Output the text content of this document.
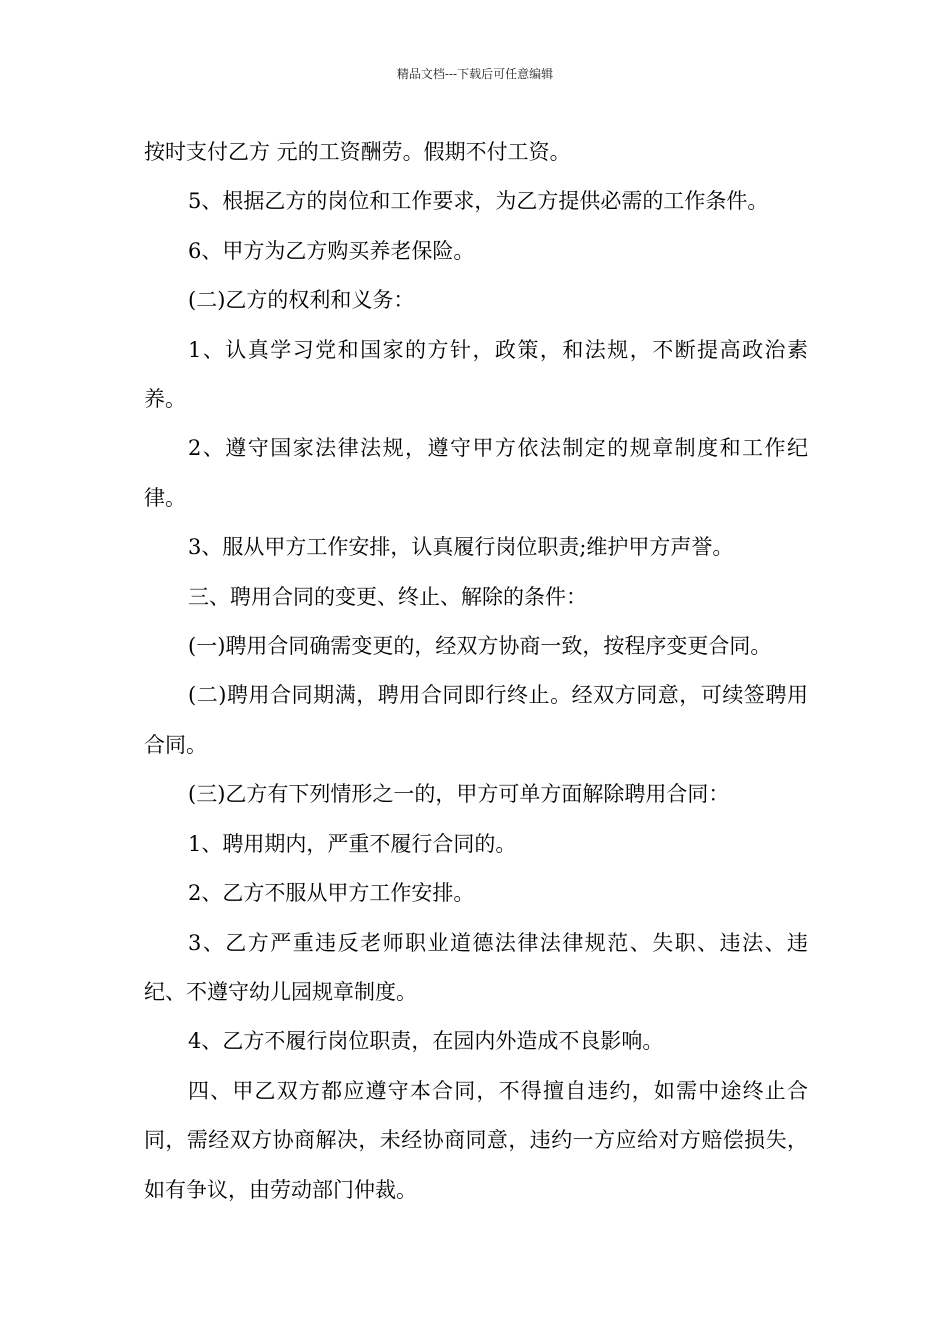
精品文档---下载后可任意编辑

按时支付乙方 元的工资酬劳。假期不付工资。

5、根据乙方的岗位和工作要求，为乙方提供必需的工作条件。

6、甲方为乙方购买养老保险。

(二)乙方的权利和义务：

1、认真学习党和国家的方针，政策，和法规，不断提高政治素养。

2、遵守国家法律法规，遵守甲方依法制定的规章制度和工作纪律。

3、服从甲方工作安排，认真履行岗位职责;维护甲方声誉。

三、聘用合同的变更、终止、解除的条件：

(一)聘用合同确需变更的，经双方协商一致，按程序变更合同。

(二)聘用合同期满，聘用合同即行终止。经双方同意，可续签聘用合同。

(三)乙方有下列情形之一的，甲方可单方面解除聘用合同：

1、聘用期内，严重不履行合同的。

2、乙方不服从甲方工作安排。

3、乙方严重违反老师职业道德法律法律规范、失职、违法、违纪、不遵守幼儿园规章制度。

4、乙方不履行岗位职责，在园内外造成不良影响。

四、甲乙双方都应遵守本合同，不得擅自违约，如需中途终止合同，需经双方协商解决，未经协商同意，违约一方应给对方赔偿损失，如有争议，由劳动部门仲裁。
